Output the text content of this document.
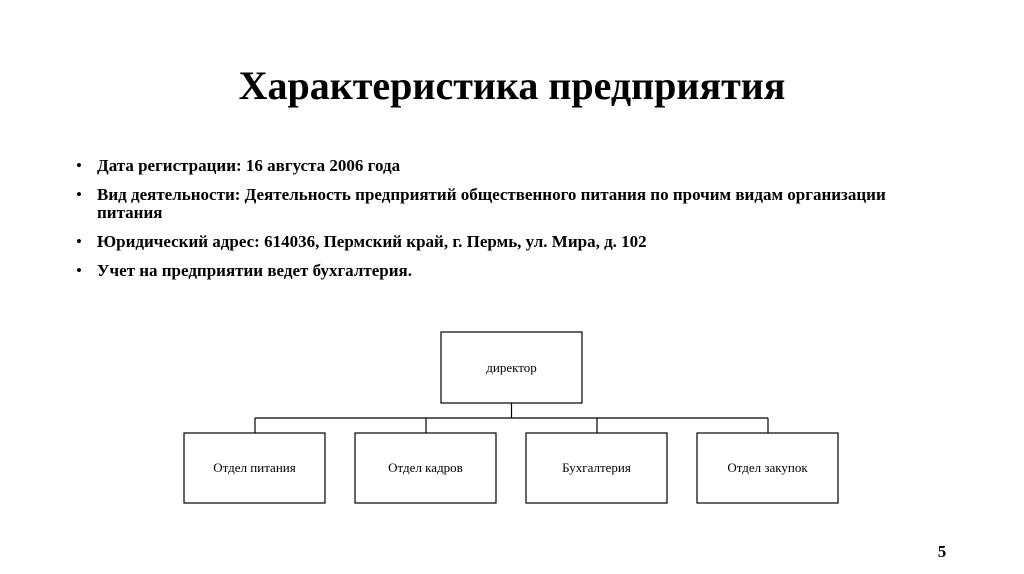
Характеристика предприятия
• Дата регистрации: 16 августа 2006 года
• Вид деятельности: Деятельность предприятий общественного питания по прочим видам организации питания
• Юридический адрес: 614036, Пермский край, г. Пермь, ул. Мира, д. 102
• Учет на предприятии ведет бухгалтерия.
директор
Отдел питания	Отдел кадров	Бухгалтерия	Отдел закупок
5
